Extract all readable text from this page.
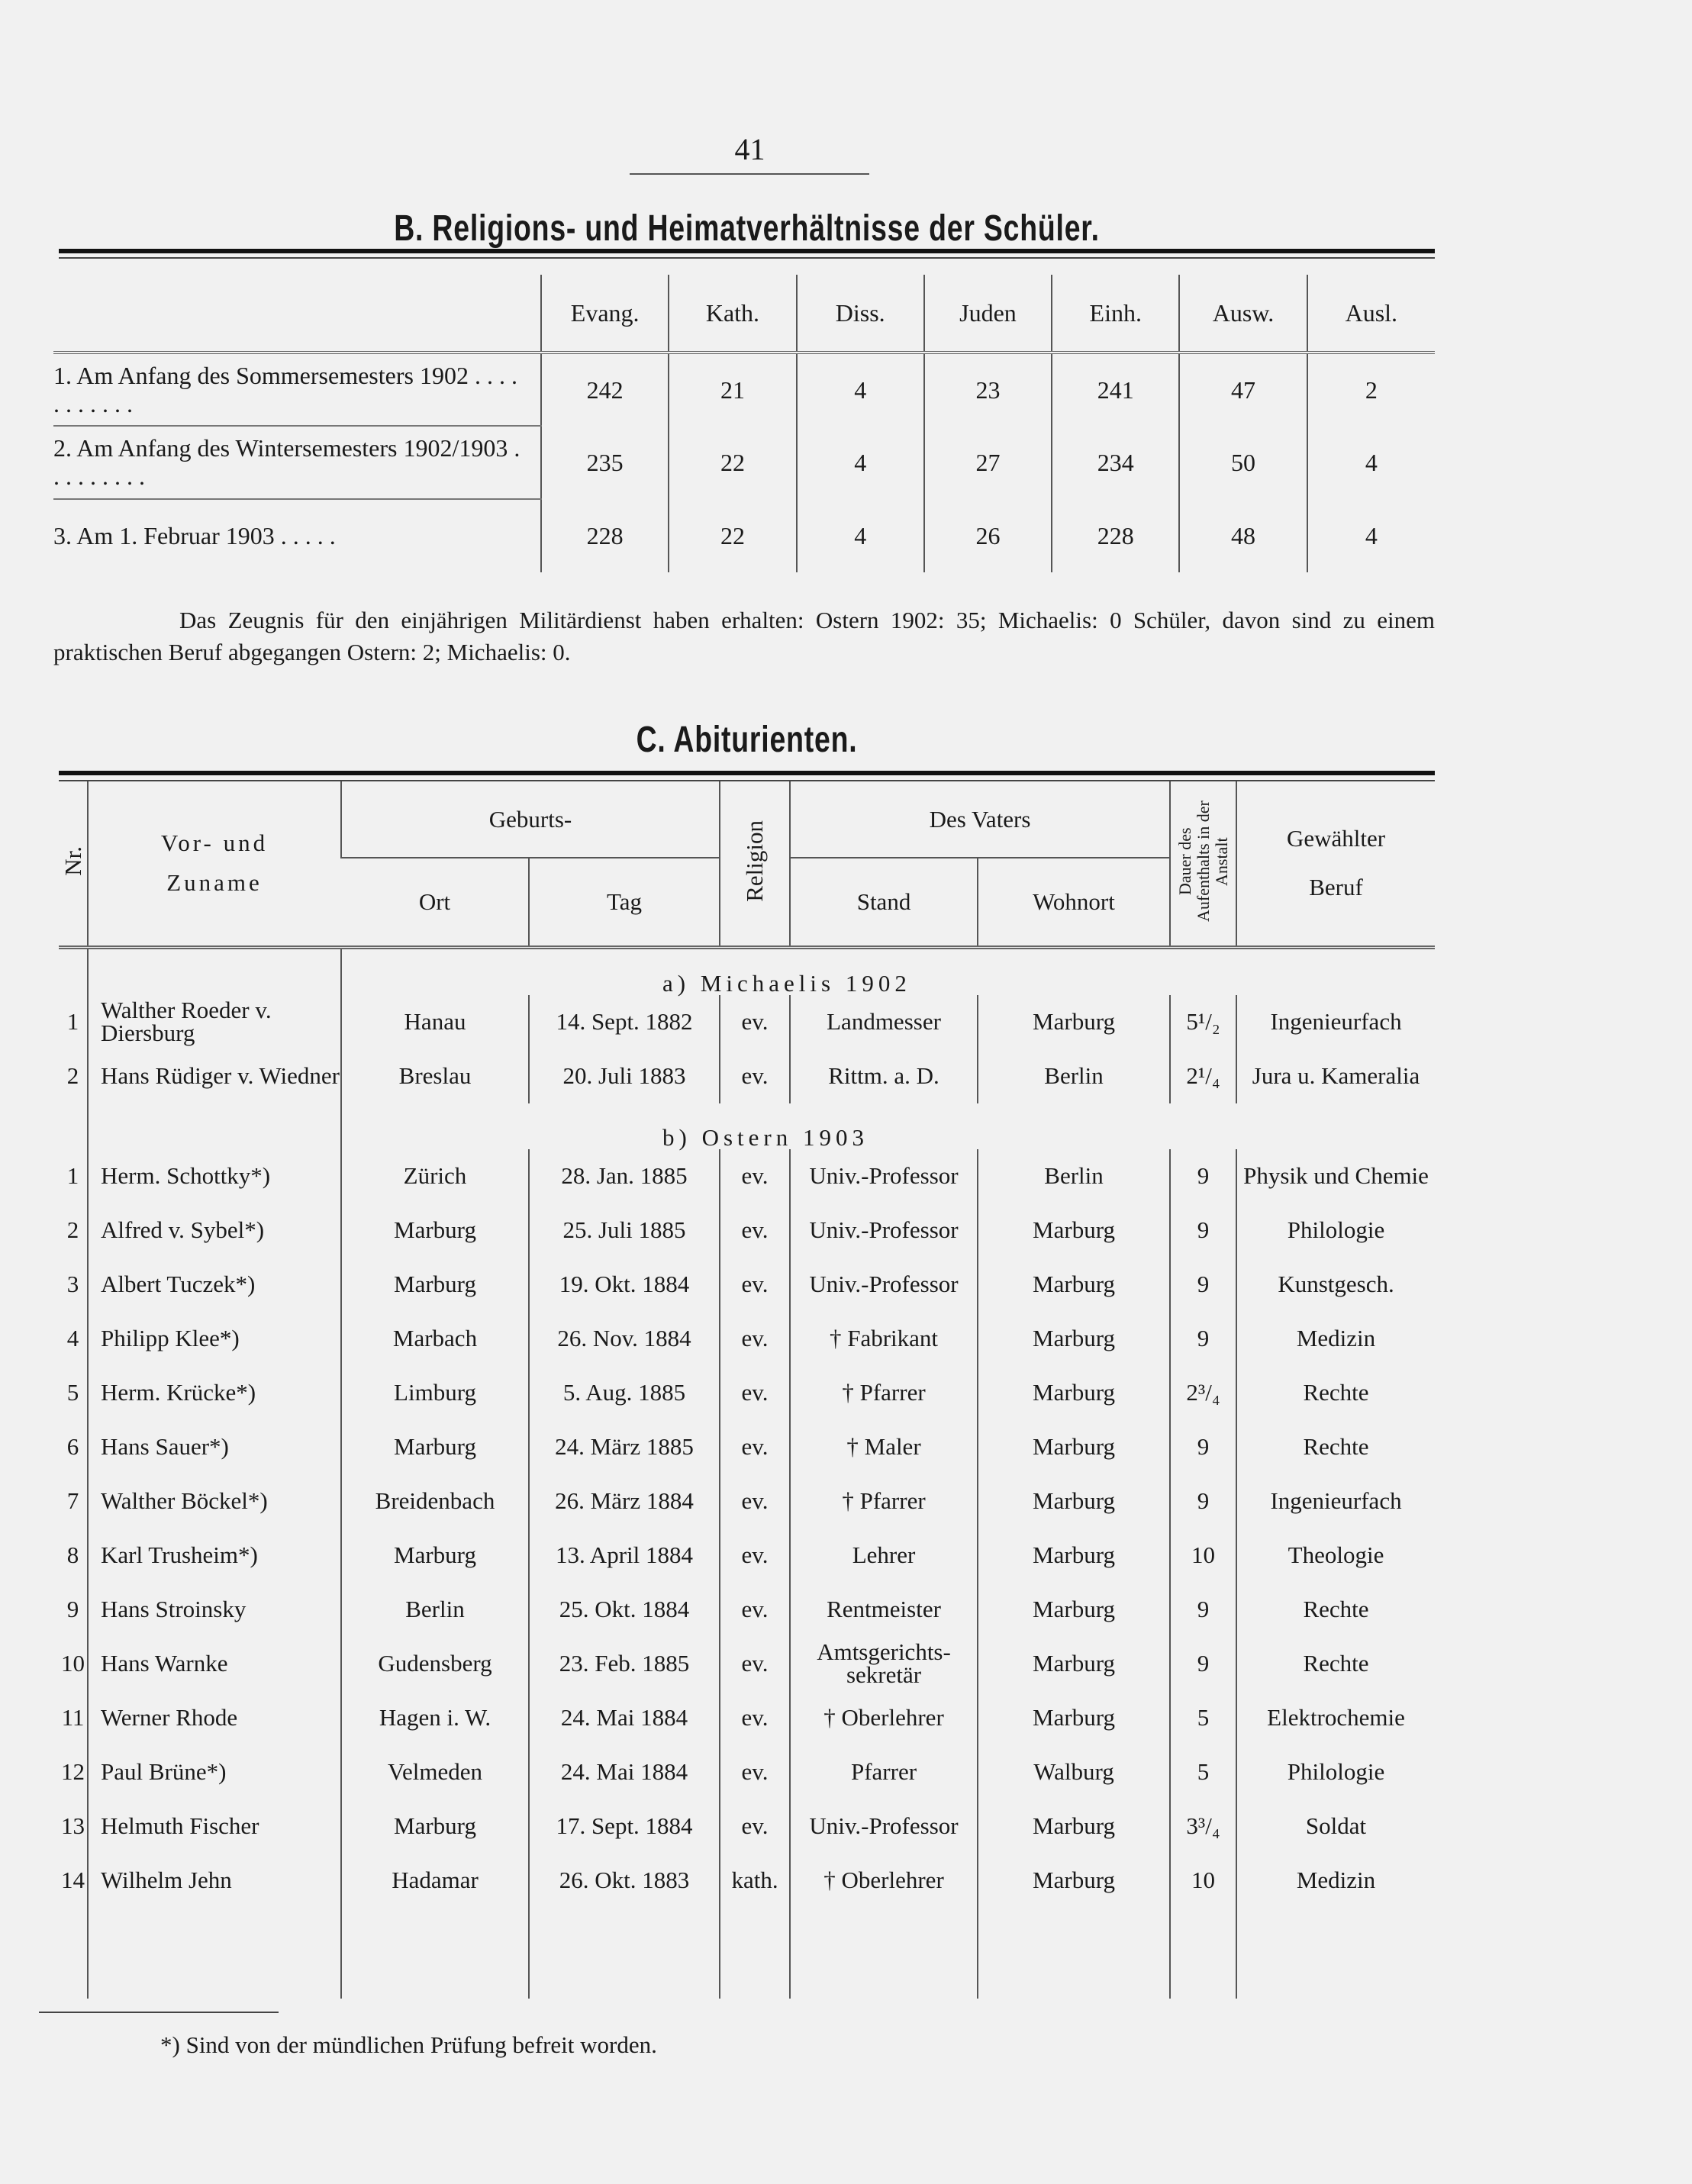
41
B. Religions- und Heimatverhältnisse der Schüler.
	Evang.	Kath.	Diss.	Juden	Einh.	Ausw.	Ausl.
1. Am Anfang des Sommersemesters 1902 . . . . . . . . . . .	242	21	4	23	241	47	2
2. Am Anfang des Wintersemesters 1902/1903 . . . . . . . . .	235	22	4	27	234	50	4
3. Am 1. Februar 1903 . . . . .	228	22	4	26	228	48	4

Das Zeugnis für den einjährigen Militärdienst haben erhalten: Ostern 1902: 35; Michaelis: 0 Schüler, davon sind zu einem praktischen Beruf abgegangen Ostern: 2; Michaelis: 0.

C. Abiturienten.
Nr.	Vor- und Zuname	Geburts-		Religion	Des Vaters		Dauer des Aufenthalts in der Anstalt	Gewählter Beruf
		Ort	Tag		Stand	Wohnort		
		a) Michaelis 1902						
1	Walther Roeder v. Diersburg	Hanau	14. Sept. 1882	ev.	Landmesser	Marburg	5¹/₂	Ingenieurfach
2	Hans Rüdiger v. Wiedner	Breslau	20. Juli 1883	ev.	Rittm. a. D.	Berlin	2¹/₄	Jura u. Kameralia
		b) Ostern 1903						
1	Herm. Schottky*)	Zürich	28. Jan. 1885	ev.	Univ.-Professor	Berlin	9	Physik und Chemie
2	Alfred v. Sybel*)	Marburg	25. Juli 1885	ev.	Univ.-Professor	Marburg	9	Philologie
3	Albert Tuczek*)	Marburg	19. Okt. 1884	ev.	Univ.-Professor	Marburg	9	Kunstgesch.
4	Philipp Klee*)	Marbach	26. Nov. 1884	ev.	† Fabrikant	Marburg	9	Medizin
5	Herm. Krücke*)	Limburg	5. Aug. 1885	ev.	† Pfarrer	Marburg	2³/₄	Rechte
6	Hans Sauer*)	Marburg	24. März 1885	ev.	† Maler	Marburg	9	Rechte
7	Walther Böckel*)	Breidenbach	26. März 1884	ev.	† Pfarrer	Marburg	9	Ingenieurfach
8	Karl Trusheim*)	Marburg	13. April 1884	ev.	Lehrer	Marburg	10	Theologie
9	Hans Stroinsky	Berlin	25. Okt. 1884	ev.	Rentmeister	Marburg	9	Rechte
10	Hans Warnke	Gudensberg	23. Feb. 1885	ev.	Amtsgerichts-sekretär	Marburg	9	Rechte
11	Werner Rhode	Hagen i. W.	24. Mai 1884	ev.	† Oberlehrer	Marburg	5	Elektrochemie
12	Paul Brüne*)	Velmeden	24. Mai 1884	ev.	Pfarrer	Walburg	5	Philologie
13	Helmuth Fischer	Marburg	17. Sept. 1884	ev.	Univ.-Professor	Marburg	3³/₄	Soldat
14	Wilhelm Jehn	Hadamar	26. Okt. 1883	kath.	† Oberlehrer	Marburg	10	Medizin

*) Sind von der mündlichen Prüfung befreit worden.
